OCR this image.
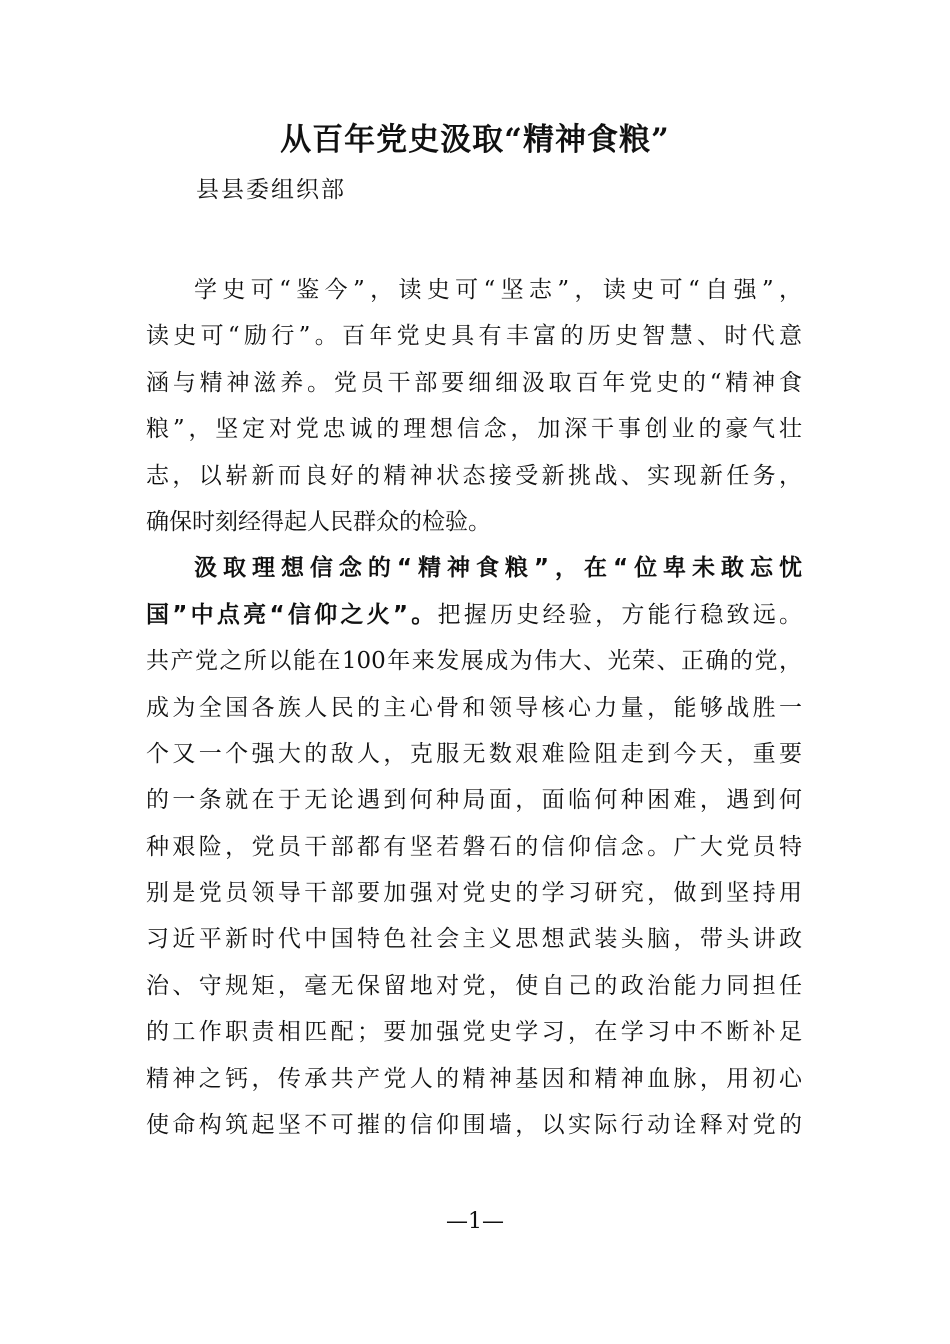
从百年党史汲取“精神食粮”

县县委组织部

学史可“鉴今”，读史可“坚志”，读史可“自强”，
读史可“励行”。百年党史具有丰富的历史智慧、时代意
涵与精神滋养。党员干部要细细汲取百年党史的“精神食
粮”，坚定对党忠诚的理想信念，加深干事创业的豪气壮
志，以崭新而良好的精神状态接受新挑战、实现新任务，
确保时刻经得起人民群众的检验。
汲取理想信念的“精神食粮”，在“位卑未敢忘忧
国”中点亮“信仰之火”。把握历史经验，方能行稳致远。
共产党之所以能在100年来发展成为伟大、光荣、正确的党，
成为全国各族人民的主心骨和领导核心力量，能够战胜一
个又一个强大的敌人，克服无数艰难险阻走到今天，重要
的一条就在于无论遇到何种局面，面临何种困难，遇到何
种艰险，党员干部都有坚若磐石的信仰信念。广大党员特
别是党员领导干部要加强对党史的学习研究，做到坚持用
习近平新时代中国特色社会主义思想武装头脑，带头讲政
治、守规矩，毫无保留地对党，使自己的政治能力同担任
的工作职责相匹配；要加强党史学习，在学习中不断补足
精神之钙，传承共产党人的精神基因和精神血脉，用初心
使命构筑起坚不可摧的信仰围墙，以实际行动诠释对党的
—1—
